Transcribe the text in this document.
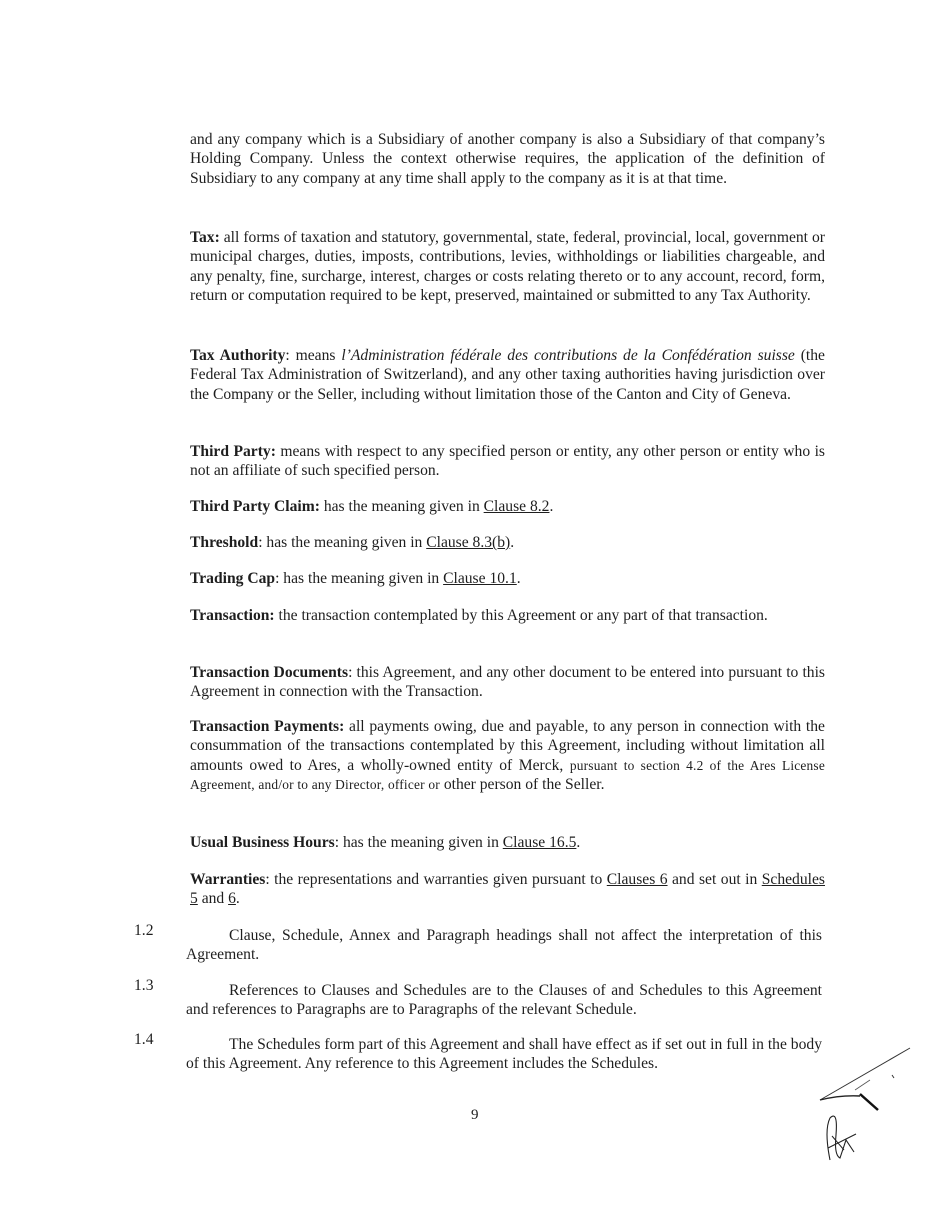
and any company which is a Subsidiary of another company is also a Subsidiary of that company’s Holding Company. Unless the context otherwise requires, the application of the definition of Subsidiary to any company at any time shall apply to the company as it is at that time.

Tax: all forms of taxation and statutory, governmental, state, federal, provincial, local, government or municipal charges, duties, imposts, contributions, levies, withholdings or liabilities chargeable, and any penalty, fine, surcharge, interest, charges or costs relating thereto or to any account, record, form, return or computation required to be kept, preserved, maintained or submitted to any Tax Authority.

Tax Authority: means l’Administration fédérale des contributions de la Confédération suisse (the Federal Tax Administration of Switzerland), and any other taxing authorities having jurisdiction over the Company or the Seller, including without limitation those of the Canton and City of Geneva.

Third Party: means with respect to any specified person or entity, any other person or entity who is not an affiliate of such specified person.

Third Party Claim: has the meaning given in Clause 8.2.

Threshold: has the meaning given in Clause 8.3(b).

Trading Cap: has the meaning given in Clause 10.1.

Transaction: the transaction contemplated by this Agreement or any part of that transaction.

Transaction Documents: this Agreement, and any other document to be entered into pursuant to this Agreement in connection with the Transaction.

Transaction Payments: all payments owing, due and payable, to any person in connection with the consummation of the transactions contemplated by this Agreement, including without limitation all amounts owed to Ares, a wholly-owned entity of Merck, pursuant to section 4.2 of the Ares License Agreement, and/or to any Director, officer or other person of the Seller.

Usual Business Hours: has the meaning given in Clause 16.5.

Warranties: the representations and warranties given pursuant to Clauses 6 and set out in Schedules 5 and 6.

1.2	Clause, Schedule, Annex and Paragraph headings shall not affect the interpretation of this Agreement.

1.3	References to Clauses and Schedules are to the Clauses of and Schedules to this Agreement and references to Paragraphs are to Paragraphs of the relevant Schedule.

1.4	The Schedules form part of this Agreement and shall have effect as if set out in full in the body of this Agreement. Any reference to this Agreement includes the Schedules.

9
